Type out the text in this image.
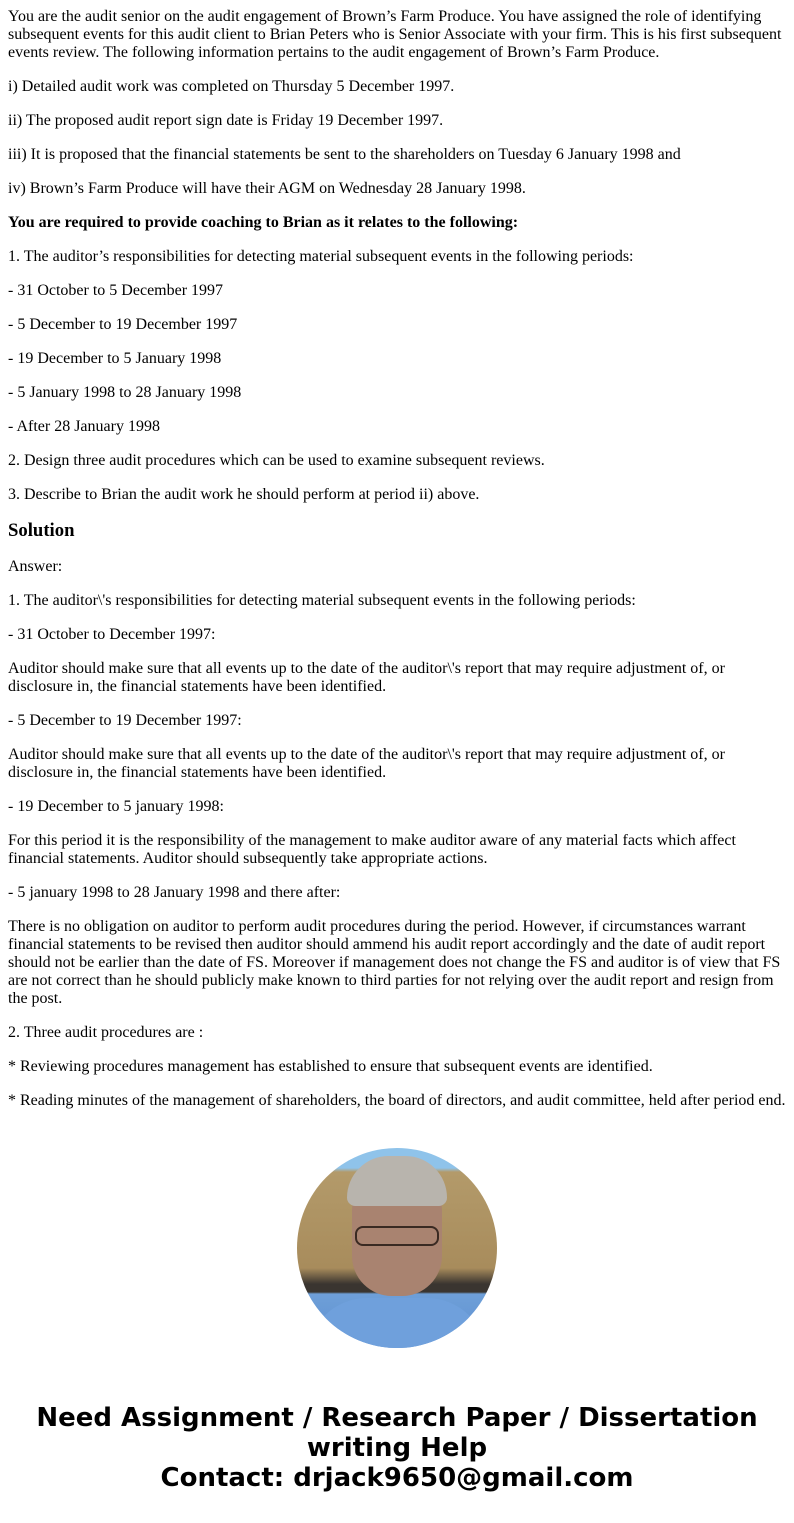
You are the audit senior on the audit engagement of Brown’s Farm Produce. You have assigned the role of identifying subsequent events for this audit client to Brian Peters who is Senior Associate with your firm. This is his first subsequent events review. The following information pertains to the audit engagement of Brown’s Farm Produce.

i) Detailed audit work was completed on Thursday 5 December 1997.

ii) The proposed audit report sign date is Friday 19 December 1997.

iii) It is proposed that the financial statements be sent to the shareholders on Tuesday 6 January 1998 and

iv) Brown’s Farm Produce will have their AGM on Wednesday 28 January 1998.

You are required to provide coaching to Brian as it relates to the following:

1. The auditor’s responsibilities for detecting material subsequent events in the following periods:

- 31 October to 5 December 1997

- 5 December to 19 December 1997

- 19 December to 5 January 1998

- 5 January 1998 to 28 January 1998

- After 28 January 1998

2. Design three audit procedures which can be used to examine subsequent reviews.

3. Describe to Brian the audit work he should perform at period ii) above.

Solution

Answer:

1. The auditor\'s responsibilities for detecting material subsequent events in the following periods:

- 31 October to December 1997:

Auditor should make sure that all events up to the date of the auditor\'s report that may require adjustment of, or disclosure in, the financial statements have been identified.

- 5 December to 19 December 1997:

Auditor should make sure that all events up to the date of the auditor\'s report that may require adjustment of, or disclosure in, the financial statements have been identified.

- 19 December to 5 january 1998:

For this period it is the responsibility of the management to make auditor aware of any material facts which affect financial statements. Auditor should subsequently take appropriate actions.

- 5 january 1998 to 28 January 1998 and there after:

There is no obligation on auditor to perform audit procedures during the period. However, if circumstances warrant financial statements to be revised then auditor should ammend his audit report accordingly and the date of audit report should not be earlier than the date of FS. Moreover if management does not change the FS and auditor is of view that FS are not correct than he should publicly make known to third parties for not relying over the audit report and resign from the post.

2. Three audit procedures are :

* Reviewing procedures management has established to ensure that subsequent events are identified.

* Reading minutes of the management of shareholders, the board of directors, and audit committee, held after period end.

Need Assignment / Research Paper / Dissertation writing Help
Contact: drjack9650@gmail.com
